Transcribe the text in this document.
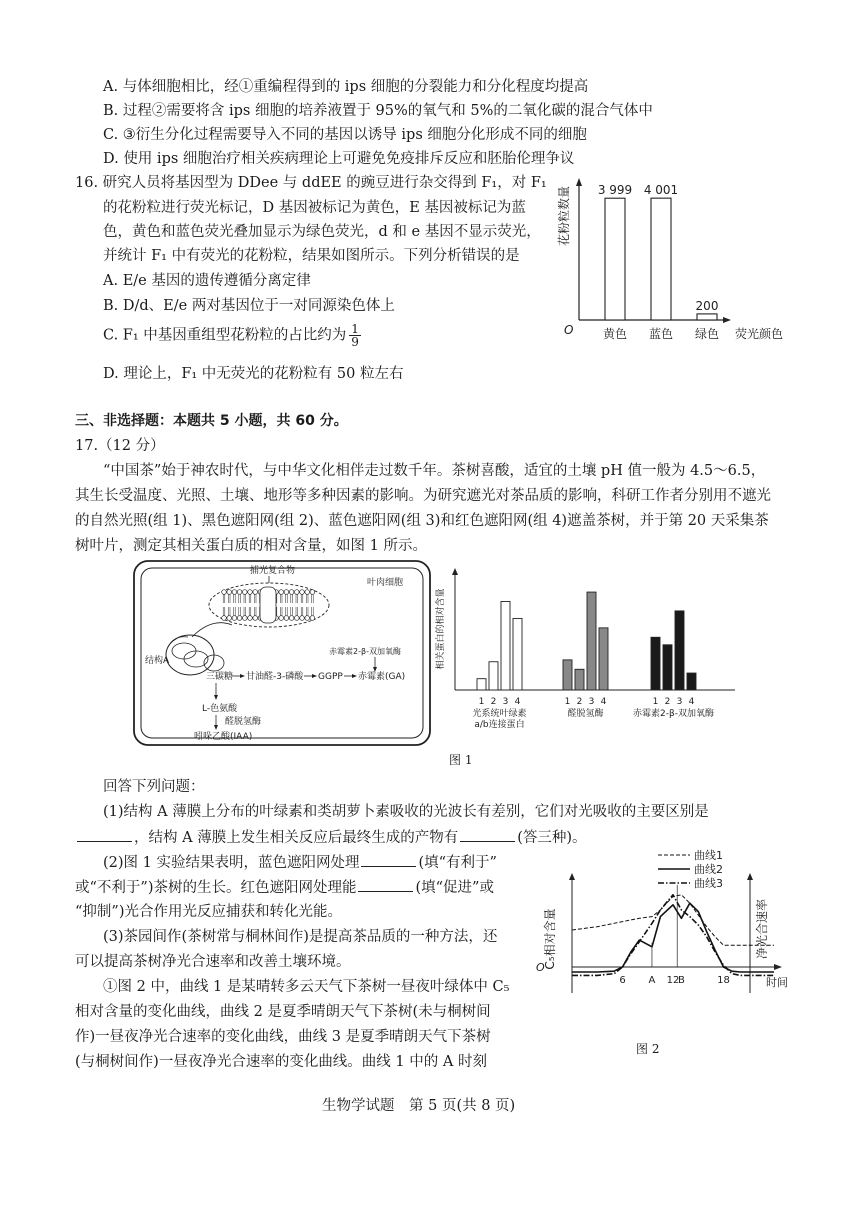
A. 与体细胞相比，经①重编程得到的 ips 细胞的分裂能力和分化程度均提高
B. 过程②需要将含 ips 细胞的培养液置于 95%的氧气和 5%的二氧化碳的混合气体中
C. ③衍生分化过程需要导入不同的基因以诱导 ips 细胞分化形成不同的细胞
D. 使用 ips 细胞治疗相关疾病理论上可避免免疫排斥反应和胚胎伦理争议
16. 研究人员将基因型为 DDee 与 ddEE 的豌豆进行杂交得到 F₁，对 F₁
的花粉粒进行荧光标记，D 基因被标记为黄色，E 基因被标记为蓝
色，黄色和蓝色荧光叠加显示为绿色荧光，d 和 e 基因不显示荧光，
并统计 F₁ 中有荧光的花粉粒，结果如图所示。下列分析错误的是
A. E/e 基因的遗传遵循分离定律
B. D/d、E/e 两对基因位于一对同源染色体上
C. F₁ 中基因重组型花粉粒的占比约为 $\frac{1}{9}$
D. 理论上，F₁ 中无荧光的花粉粒有 50 粒左右
花粉粒数量
O	荧光颜色
3 999
黄色
4 001
蓝色
200
绿色
三、非选择题：本题共 5 小题，共 60 分。
17.（12 分）
“中国茶”始于神农时代，与中华文化相伴走过数千年。茶树喜酸，适宜的土壤 pH 值一般为 4.5～6.5，
其生长受温度、光照、土壤、地形等多种因素的影响。为研究遮光对茶品质的影响，科研工作者分别用不遮光
的自然光照(组 1)、黑色遮阳网(组 2)、蓝色遮阳网(组 3)和红色遮阳网(组 4)遮盖茶树，并于第 20 天采集茶
树叶片，测定其相关蛋白质的相对含量，如图 1 所示。
叶肉细胞
捕光复合物
结构A
三碳糖 甘油醛-3-磷酸 GGPP 赤霉素(GA)
赤霉素2-β-双加氧酶
L-色氨酸
醛脱氢酶
吲哚乙酸(IAA)
相关蛋白的相对含量
1 2 3 4
光系统叶绿素
a/b连接蛋白
1 2 3 4
醛脱氢酶
1 2 3 4
赤霉素2-β-双加氧酶
图 1
回答下列问题：
(1)结构 A 薄膜上分布的叶绿素和类胡萝卜素吸收的光波长有差别，它们对光吸收的主要区别是
，结构 A 薄膜上发生相关反应后最终生成的产物有	(答三种)。
(2)图 1 实验结果表明，蓝色遮阳网处理	(填“有利于”
或“不利于”)茶树的生长。红色遮阳网处理能	(填“促进”或
“抑制”)光合作用光反应捕获和转化光能。
(3)茶园间作(茶树常与桐林间作)是提高茶品质的一种方法，还
可以提高茶树净光合速率和改善土壤环境。
①图 2 中，曲线 1 是某晴转多云天气下茶树一昼夜叶绿体中 C₅
相对含量的变化曲线，曲线 2 是夏季晴朗天气下茶树(未与桐树间
作)一昼夜净光合速率的变化曲线，曲线 3 是夏季晴朗天气下茶树
(与桐树间作)一昼夜净光合速率的变化曲线。曲线 1 中的 A 时刻
曲线1
曲线2
曲线3
C₅相对含量	净光合速率
O
时间
6 A 12
B	18
图 2
生物学试题　第 5 页(共 8 页)
